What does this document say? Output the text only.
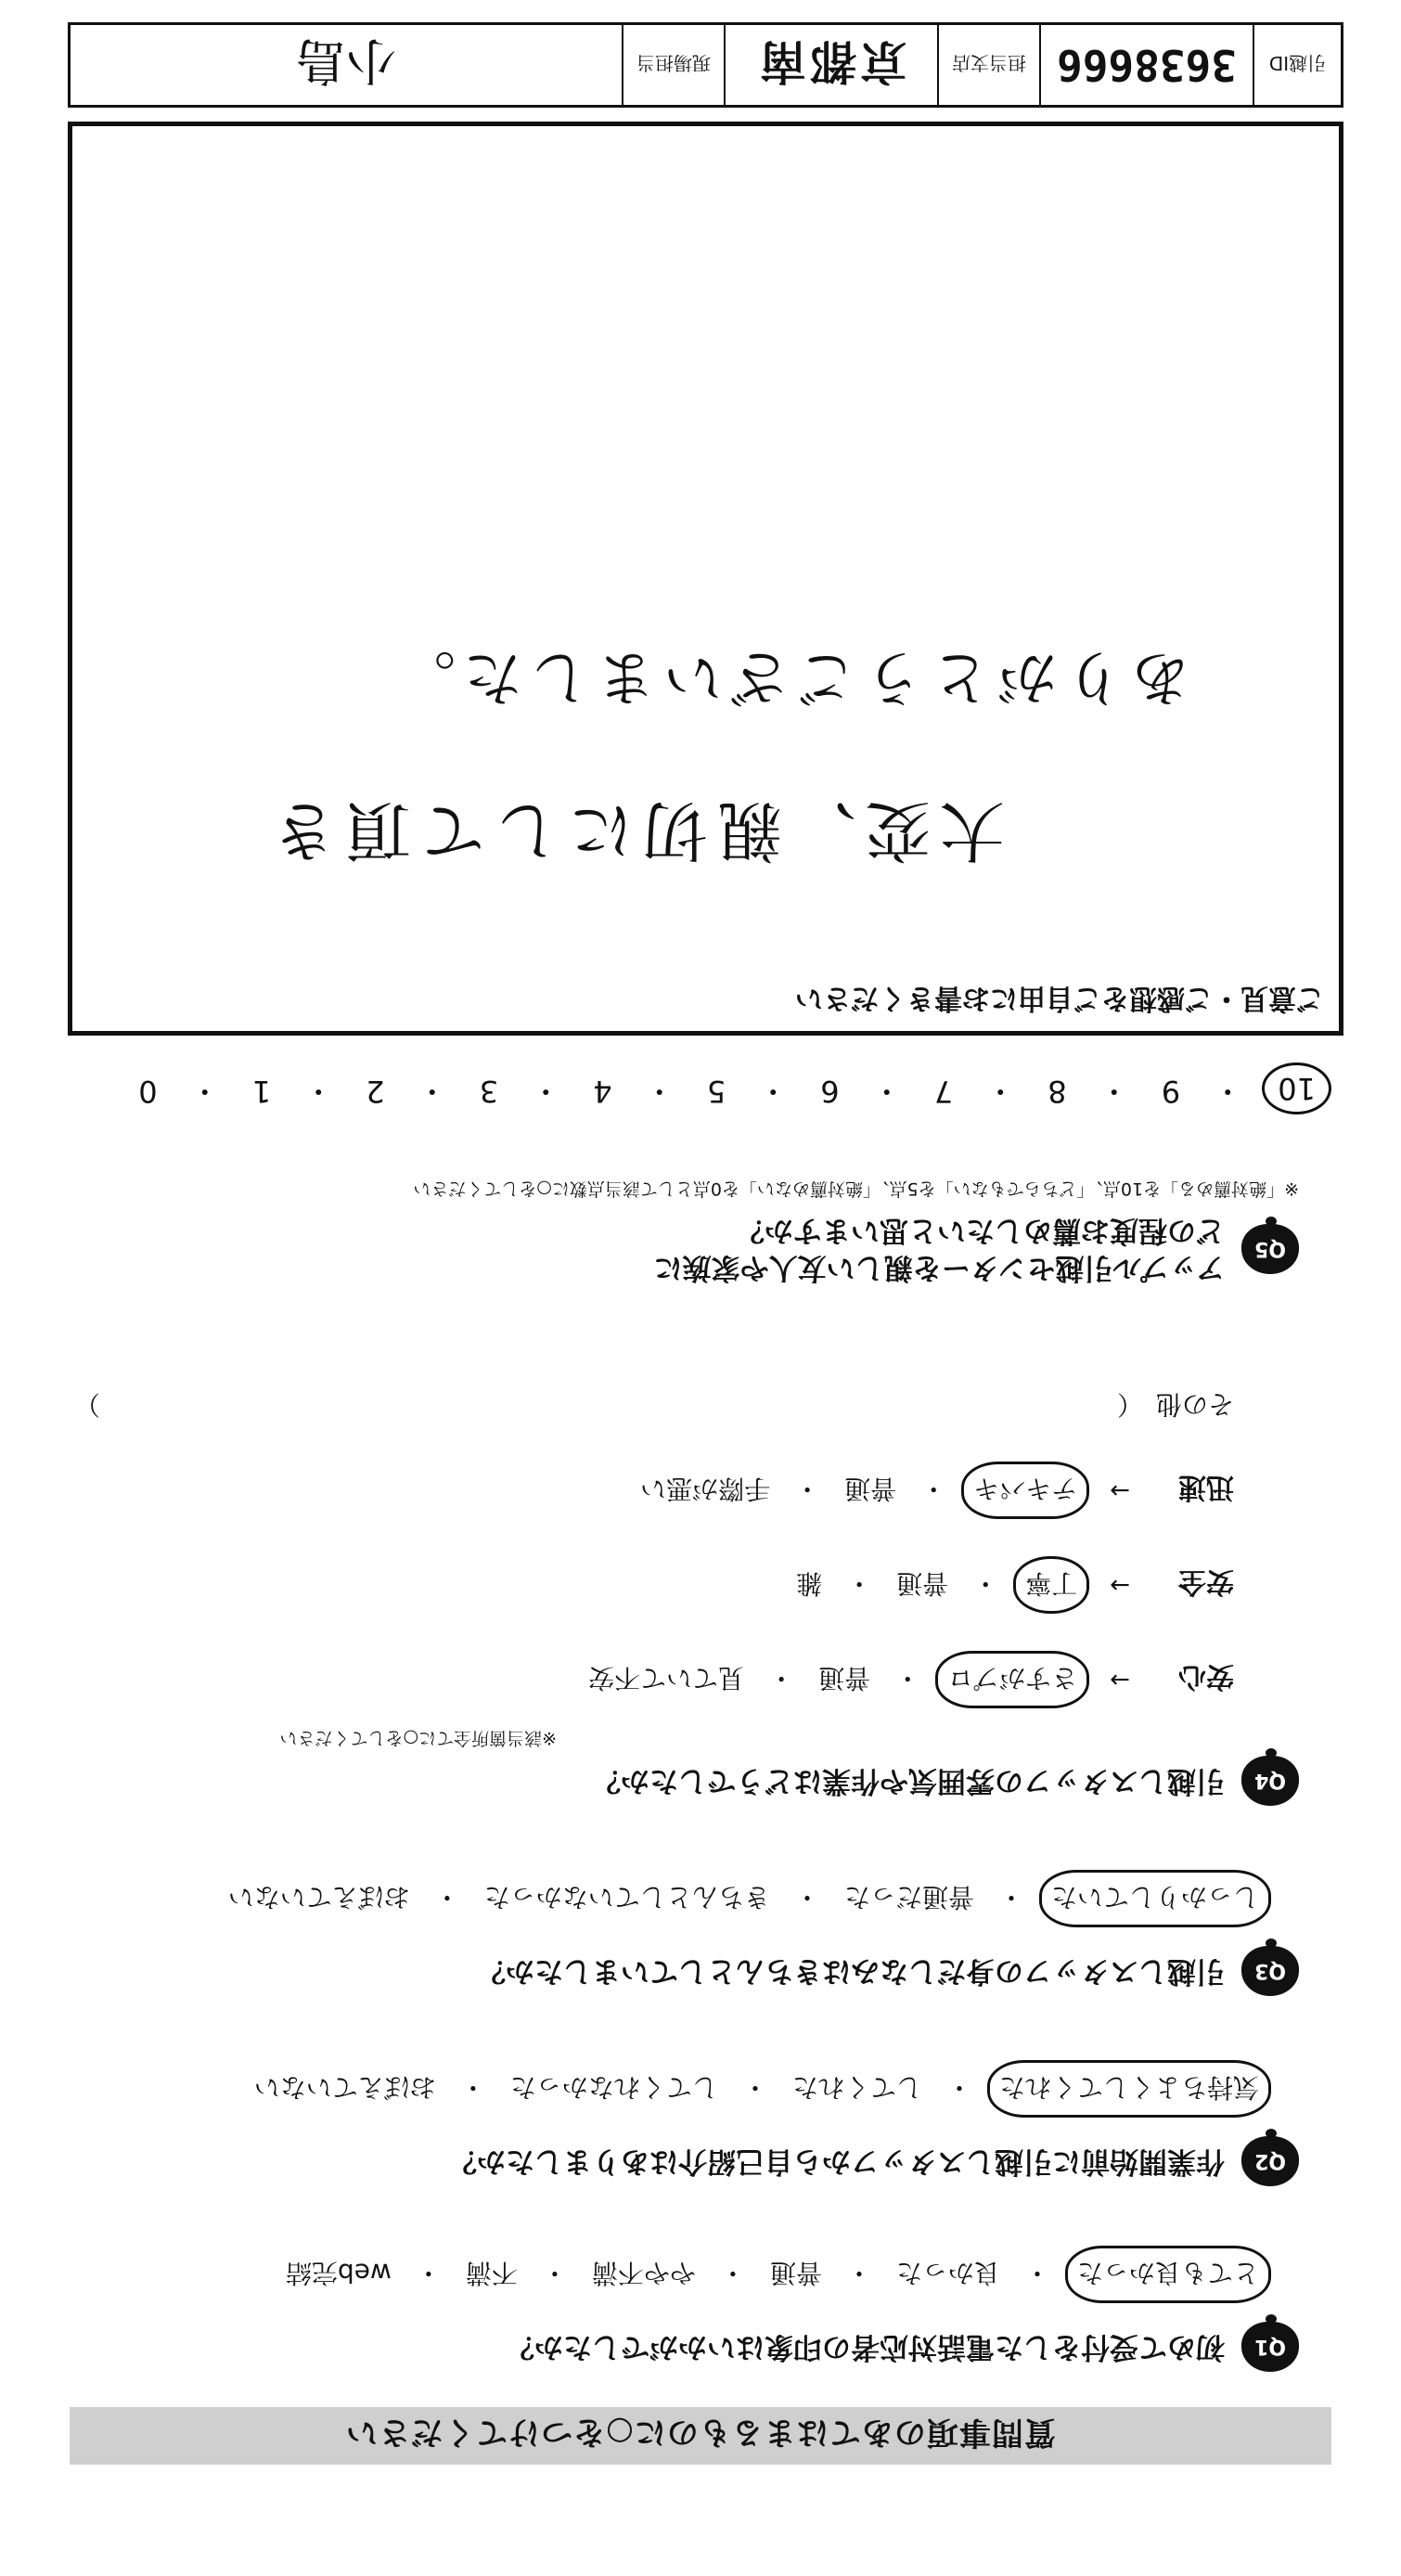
質問事項のあてはまるものに○をつけてください
Q1
初めて受付をした電話対応者の印象はいかがでしたか？
とても良かった
・
良かった
・
普通
・
やや不満
・
不満
・
web完結
Q2
作業開始前に引越しスタッフから自己紹介はありましたか？
気持ちよくしてくれた
・
してくれた
・
してくれなかった
・
おぼえていない
Q3
引越しスタッフの身だしなみはきちんとしていましたか？
しっかりしていた
・
普通だった
・
きちんとしていなかった
・
おぼえていない
Q4
引越しスタッフの雰囲気や作業はどうでしたか？
※該当箇所全てに○をしてください
安心
→
さすがプロ
・
普通
・
見ていて不安
安全
→
丁寧
・
普通
・
雑
迅速
→
テキパキ
・
普通
・
手際が悪い
その他　（
）
Q5
アップル引越センターを親しい友人や家族に
どの程度お薦めしたいと思いますか？
※「絶対薦める」を10点、「どちらでもない」を5点、「絶対薦めない」を0点として該当点数に○をしてください
10
・
9
・
8
・
7
・
6
・
5
・
4
・
3
・
2
・
1
・
0
ご意見・ご感想をご自由にお書きください
大変、親切にして頂き
ありがとうございました。
引越ID
3638666
担当支店
京都南
現場担当
小島
